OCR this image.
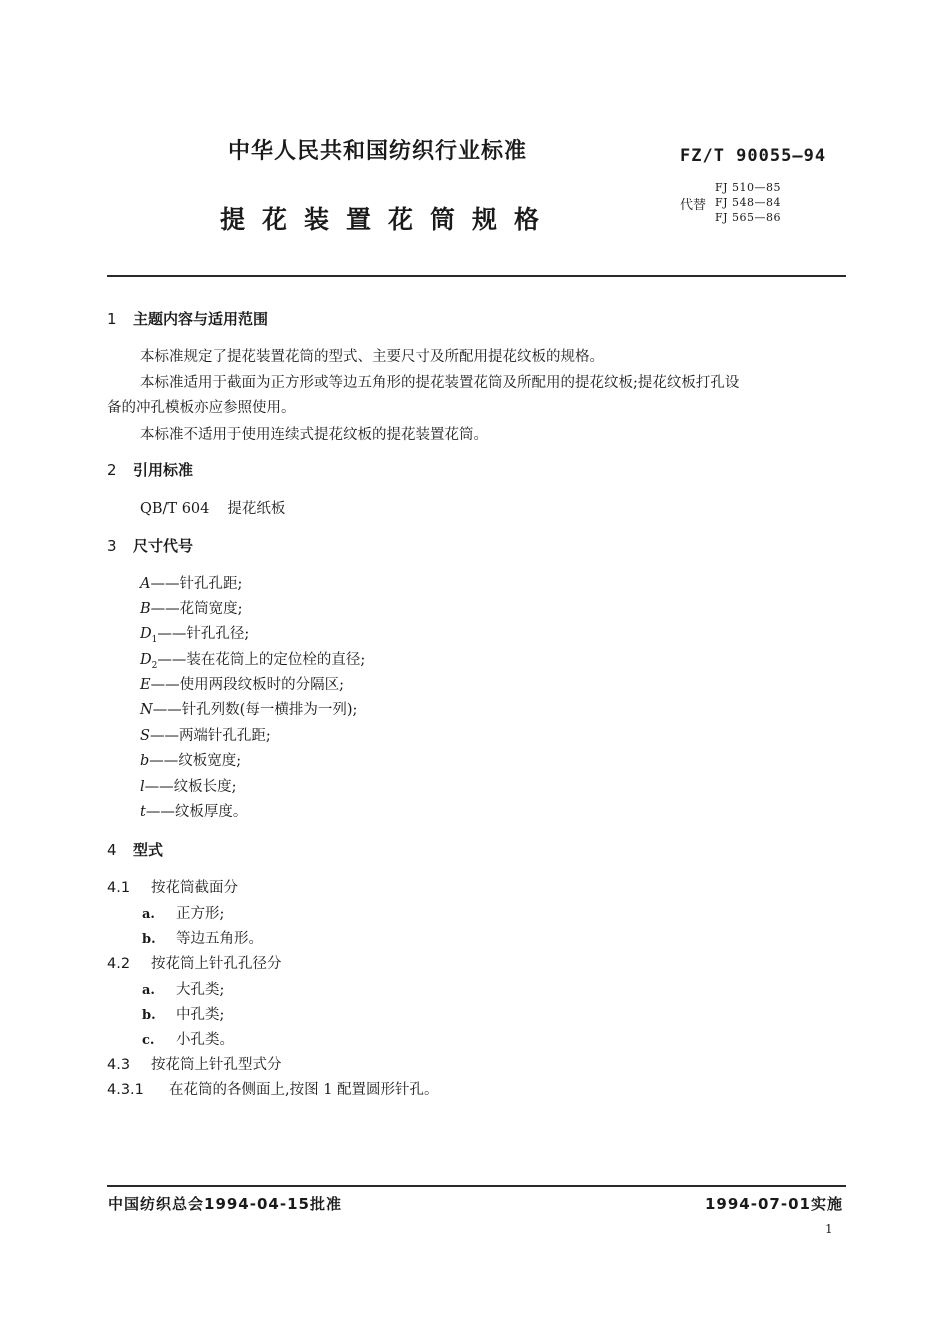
中华人民共和国纺织行业标准	FZ/T 90055—94
提花装置花筒规格	代替
FJ 510—85
FJ 548—84
FJ 565—86
1 主题内容与适用范围
本标准规定了提花装置花筒的型式、主要尺寸及所配用提花纹板的规格。
本标准适用于截面为正方形或等边五角形的提花装置花筒及所配用的提花纹板;提花纹板打孔设
备的冲孔模板亦应参照使用。
本标准不适用于使用连续式提花纹板的提花装置花筒。
2 引用标准
QB/T 604 提花纸板
3 尺寸代号
A——针孔孔距;
B——花筒宽度;
$D_1——$针孔孔径;
$D_2——$装在花筒上的定位栓的直径;
E——使用两段纹板时的分隔区;
N——针孔列数(每一横排为一列);
S——两端针孔孔距;
b——纹板宽度;
l——纹板长度;
t——纹板厚度。
4 型式
4.1 按花筒截面分
a. 正方形;
b. 等边五角形。
4.2 按花筒上针孔孔径分
a. 大孔类;
b. 中孔类;
c. 小孔类。
4.3 按花筒上针孔型式分
4.3.1 在花筒的各侧面上,按图 1 配置圆形针孔。
中国纺织总会1994-04-15批准	1994-07-01实施
1
